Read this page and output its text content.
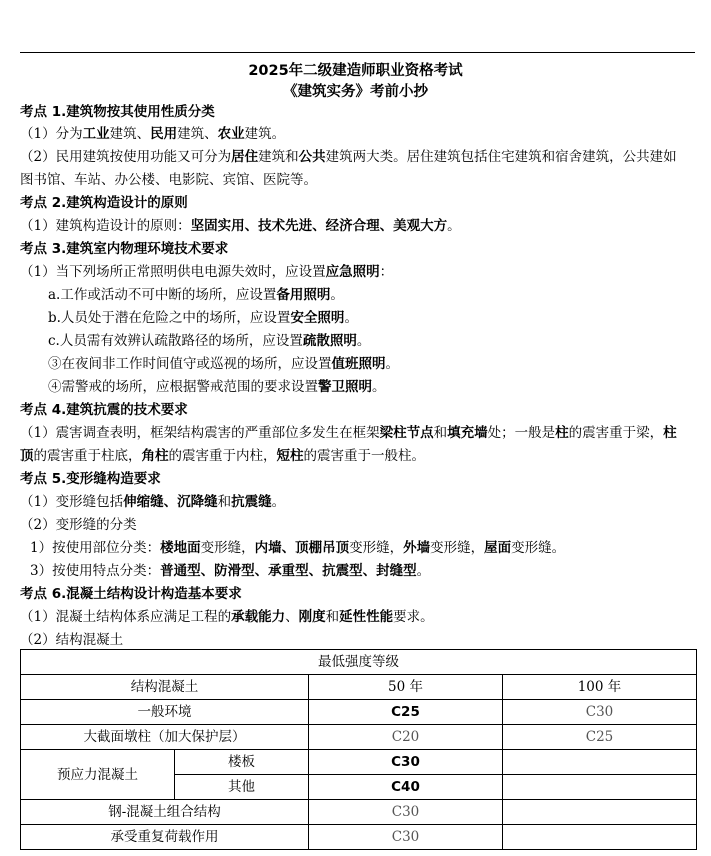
2025年二级建造师职业资格考试
《建筑实务》考前小抄
考点 1.建筑物按其使用性质分类
（1）分为工业建筑、民用建筑、农业建筑。
（2）民用建筑按使用功能又可分为居住建筑和公共建筑两大类。居住建筑包括住宅建筑和宿舍建筑，公共建如
图书馆、车站、办公楼、电影院、宾馆、医院等。
考点 2.建筑构造设计的原则
（1）建筑构造设计的原则：坚固实用、技术先进、经济合理、美观大方。
考点 3.建筑室内物理环境技术要求
（1）当下列场所正常照明供电电源失效时，应设置应急照明：
a.工作或活动不可中断的场所，应设置备用照明。
b.人员处于潜在危险之中的场所，应设置安全照明。
c.人员需有效辨认疏散路径的场所，应设置疏散照明。
③在夜间非工作时间值守或巡视的场所，应设置值班照明。
④需警戒的场所，应根据警戒范围的要求设置警卫照明。
考点 4.建筑抗震的技术要求
（1）震害调查表明，框架结构震害的严重部位多发生在框架梁柱节点和填充墙处；一般是柱的震害重于梁，柱
顶的震害重于柱底，角柱的震害重于内柱，短柱的震害重于一般柱。
考点 5.变形缝构造要求
（1）变形缝包括伸缩缝、沉降缝和抗震缝。
（2）变形缝的分类
1）按使用部位分类：楼地面变形缝，内墙、顶棚吊顶变形缝，外墙变形缝，屋面变形缝。
3）按使用特点分类：普通型、防滑型、承重型、抗震型、封缝型。
考点 6.混凝土结构设计构造基本要求
（1）混凝土结构体系应满足工程的承载能力、刚度和延性性能要求。
（2）结构混凝土
最低强度等级			
结构混凝土		50 年	100 年
一般环境		C25	C30
大截面墩柱（加大保护层）		C20	C25
预应力混凝土	楼板	C30	
	其他	C40	
钢-混凝土组合结构		C30	
承受重复荷载作用		C30	
